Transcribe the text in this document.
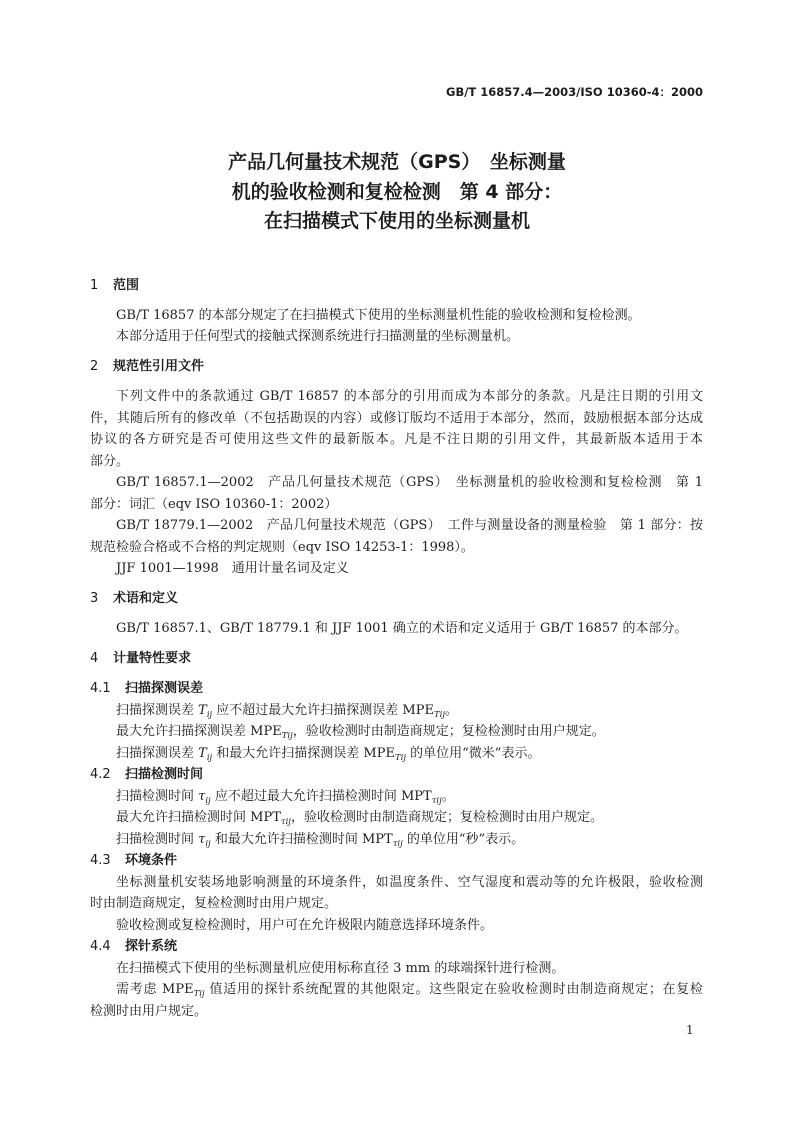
GB/T 16857.4—2003/ISO 10360-4：2000
产品几何量技术规范（GPS）　坐标测量
机的验收检测和复检检测　第 4 部分：
在扫描模式下使用的坐标测量机
1 范围
GB/T 16857 的本部分规定了在扫描模式下使用的坐标测量机性能的验收检测和复检检测。
本部分适用于任何型式的接触式探测系统进行扫描测量的坐标测量机。
2 规范性引用文件
下列文件中的条款通过 GB/T 16857 的本部分的引用而成为本部分的条款。凡是注日期的引用文
件，其随后所有的修改单（不包括勘误的内容）或修订版均不适用于本部分，然而，鼓励根据本部分达成
协议的各方研究是否可使用这些文件的最新版本。凡是不注日期的引用文件，其最新版本适用于本
部分。
GB/T 16857.1—2002　产品几何量技术规范（GPS）　坐标测量机的验收检测和复检检测　第 1
部分：词汇（eqv ISO 10360-1：2002）
GB/T 18779.1—2002　产品几何量技术规范（GPS）　工件与测量设备的测量检验　第 1 部分：按
规范检验合格或不合格的判定规则（eqv ISO 14253-1：1998）。
JJF 1001—1998　通用计量名词及定义
3 术语和定义
GB/T 16857.1、GB/T 18779.1 和 JJF 1001 确立的术语和定义适用于 GB/T 16857 的本部分。
4 计量特性要求
4.1 扫描探测误差
扫描探测误差 $T_{ij}$ 应不超过最大允许扫描探测误差 $MPE_{Tij}$。
最大允许扫描探测误差 $MPE_{Tij}$，验收检测时由制造商规定；复检检测时由用户规定。
扫描探测误差 $T_{ij}$ 和最大允许扫描探测误差 $MPE_{Tij}$ 的单位用“微米”表示。
4.2 扫描检测时间
扫描检测时间 $\tau_{ij}$ 应不超过最大允许扫描检测时间 $MPT_{\tau ij}$。
最大允许扫描检测时间 $MPT_{\tau ij}$，验收检测时由制造商规定；复检检测时由用户规定。
扫描检测时间 $\tau_{ij}$ 和最大允许扫描检测时间 $MPT_{\tau ij}$ 的单位用“秒”表示。
4.3 环境条件
坐标测量机安装场地影响测量的环境条件，如温度条件、空气湿度和震动等的允许极限，验收检测
时由制造商规定，复检检测时由用户规定。
验收检测或复检检测时，用户可在允许极限内随意选择环境条件。
4.4 探针系统
在扫描模式下使用的坐标测量机应使用标称直径 3 mm 的球端探针进行检测。
需考虑 $MPE_{Tij}$ 值适用的探针系统配置的其他限定。这些限定在验收检测时由制造商规定；在复检
检测时由用户规定。
1
